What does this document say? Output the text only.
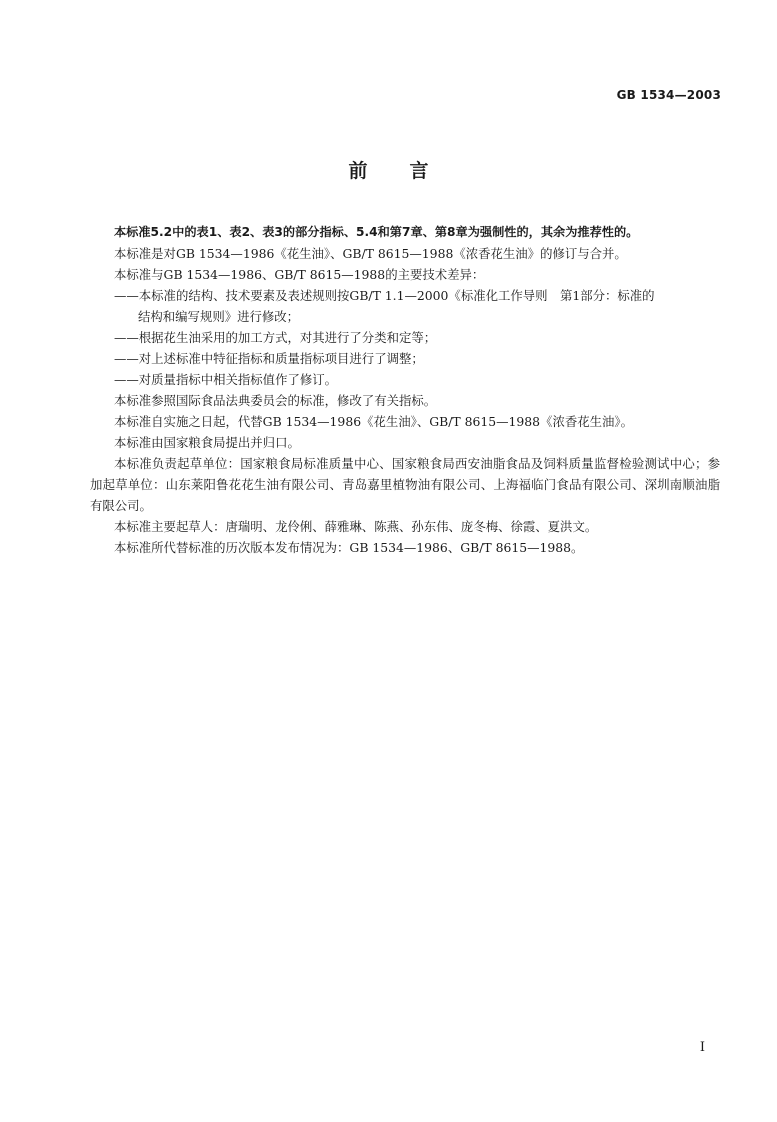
GB 1534—2003
前言

本标准5.2中的表1、表2、表3的部分指标、5.4和第7章、第8章为强制性的，其余为推荐性的。

本标准是对GB 1534—1986《花生油》、GB/T 8615—1988《浓香花生油》的修订与合并。

本标准与GB 1534—1986、GB/T 8615—1988的主要技术差异：

——本标准的结构、技术要素及表述规则按GB/T 1.1—2000《标准化工作导则　第1部分：标准的

结构和编写规则》进行修改；

——根据花生油采用的加工方式，对其进行了分类和定等；

——对上述标准中特征指标和质量指标项目进行了调整；

——对质量指标中相关指标值作了修订。

本标准参照国际食品法典委员会的标准，修改了有关指标。

本标准自实施之日起，代替GB 1534—1986《花生油》、GB/T 8615—1988《浓香花生油》。

本标准由国家粮食局提出并归口。

本标准负责起草单位：国家粮食局标准质量中心、国家粮食局西安油脂食品及饲料质量监督检验测试中心；参加起草单位：山东莱阳鲁花花生油有限公司、青岛嘉里植物油有限公司、上海福临门食品有限公司、深圳南顺油脂有限公司。

本标准主要起草人：唐瑞明、龙伶俐、薛雅琳、陈燕、孙东伟、庞冬梅、徐霞、夏洪文。

本标准所代替标准的历次版本发布情况为：GB 1534—1986、GB/T 8615—1988。

I
